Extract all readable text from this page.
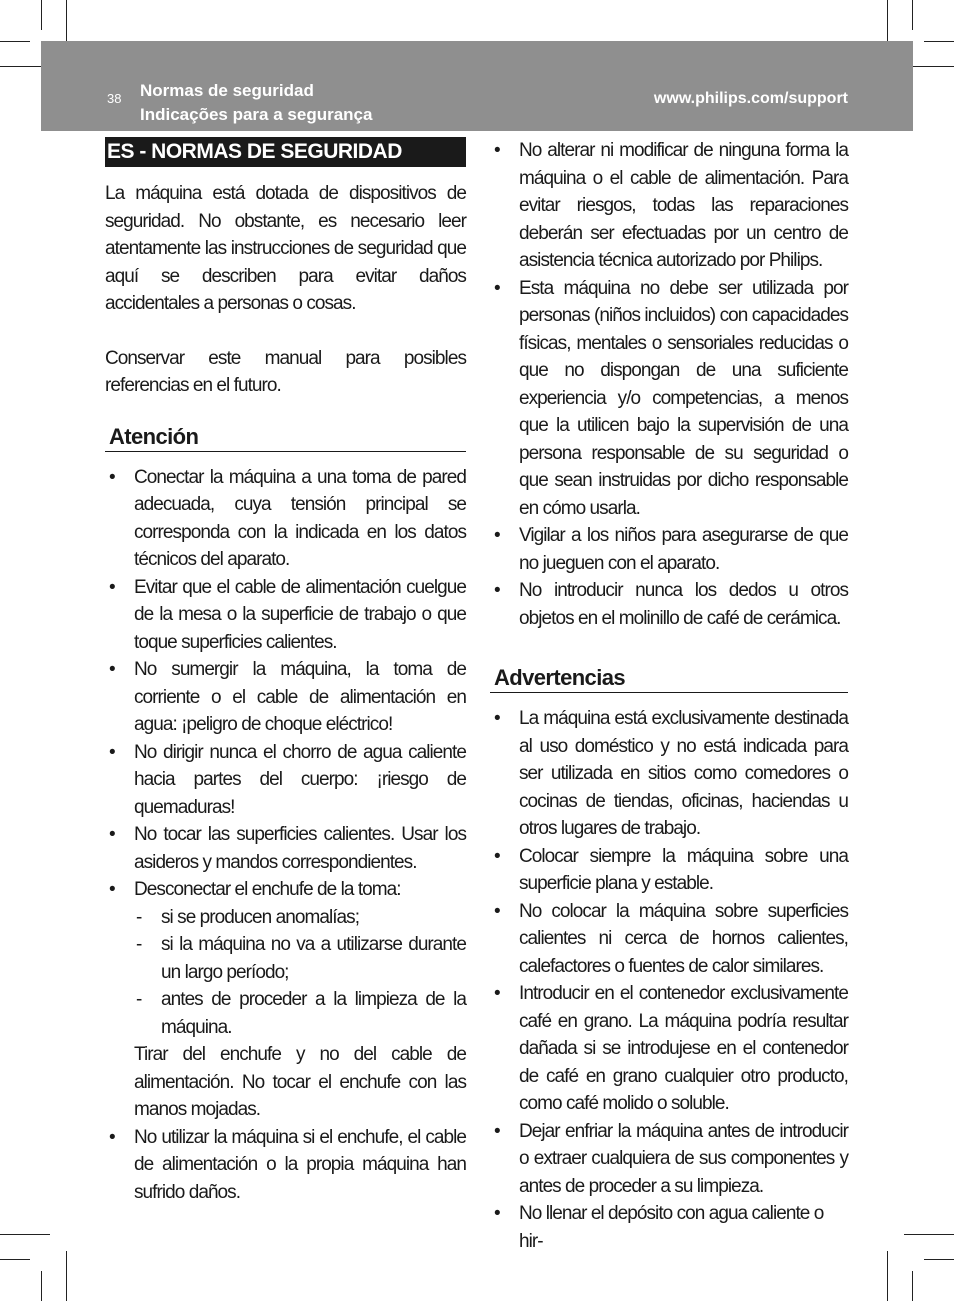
38 Normas de seguridad
Indicações para a segurança
www.philips.com/support
ES - NORMAS DE SEGURIDAD

La máquina está dotada de dispositivos de seguridad. No obstante, es necesario leer atentamente las instrucciones de seguridad que aquí se describen para evitar daños accidentales a personas o cosas.

Conservar este manual para posibles referencias en el futuro.

Atención
• Conectar la máquina a una toma de pared adecuada, cuya tensión principal se corresponda con la indicada en los datos técnicos del aparato.
• Evitar que el cable de alimentación cuelgue de la mesa o la superficie de trabajo o que toque superficies calientes.
• No sumergir la máquina, la toma de corriente o el cable de alimentación en agua: ¡peligro de choque eléctrico!
• No dirigir nunca el chorro de agua caliente hacia partes del cuerpo: ¡riesgo de quemaduras!
• No tocar las superficies calientes. Usar los asideros y mandos correspondientes.
• Desconectar el enchufe de la toma:
- si se producen anomalías;
- si la máquina no va a utilizarse durante un largo período;
- antes de proceder a la limpieza de la máquina.
Tirar del enchufe y no del cable de alimentación. No tocar el enchufe con las manos mojadas.
• No utilizar la máquina si el enchufe, el cable de alimentación o la propia máquina han sufrido daños.
• No alterar ni modificar de ninguna forma la máquina o el cable de alimentación. Para evitar riesgos, todas las reparaciones deberán ser efectuadas por un centro de asistencia técnica autorizado por Philips.
• Esta máquina no debe ser utilizada por personas (niños incluidos) con capacidades físicas, mentales o sensoriales reducidas o que no dispongan de una suficiente experiencia y/o competencias, a menos que la utilicen bajo la supervisión de una persona responsable de su seguridad o que sean instruidas por dicho responsable en cómo usarla.
• Vigilar a los niños para asegurarse de que no jueguen con el aparato.
• No introducir nunca los dedos u otros objetos en el molinillo de café de cerámica.
Advertencias
• La máquina está exclusivamente destinada al uso doméstico y no está indicada para ser utilizada en sitios como comedores o cocinas de tiendas, oficinas, haciendas u otros lugares de trabajo.
• Colocar siempre la máquina sobre una superficie plana y estable.
• No colocar la máquina sobre superficies calientes ni cerca de hornos calientes, calefactores o fuentes de calor similares.
• Introducir en el contenedor exclusivamente café en grano. La máquina podría resultar dañada si se introdujese en el contenedor de café en grano cualquier otro producto, como café molido o soluble.
• Dejar enfriar la máquina antes de introducir o extraer cualquiera de sus componentes y antes de proceder a su limpieza.
• No llenar el depósito con agua caliente o hir-
